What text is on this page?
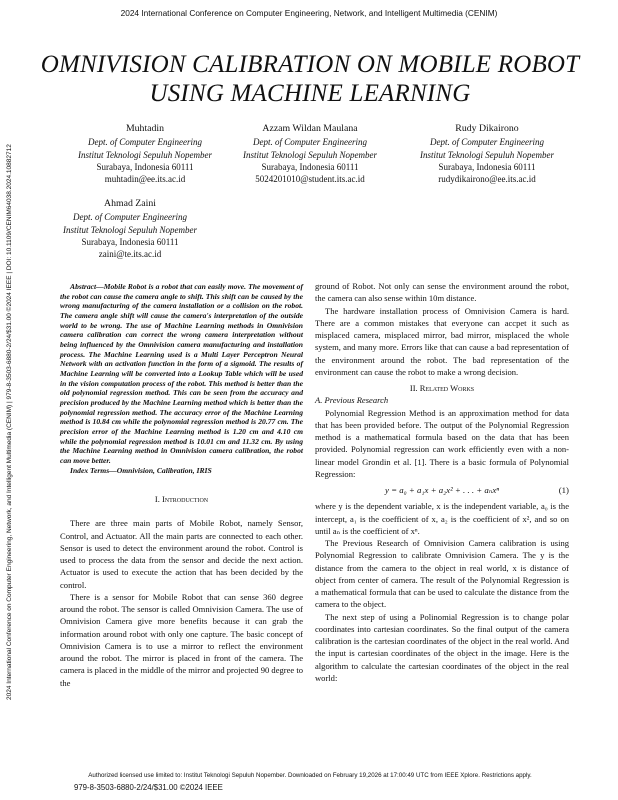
2024 International Conference on Computer Engineering, Network, and Intelligent Multimedia (CENIM)
2024 International Conference on Computer Engineering, Network, and Intelligent Multimedia (CENIM) | 979-8-3503-6880-2/24/$31.00 ©2024 IEEE | DOI: 10.1109/CENIM64038.2024.10882712
OMNIVISION CALIBRATION ON MOBILE ROBOT
USING MACHINE LEARNING
Muhtadin
Dept. of Computer Engineering
Institut Teknologi Sepuluh Nopember
Surabaya, Indonesia 60111
muhtadin@ee.its.ac.id
Azzam Wildan Maulana
Dept. of Computer Engineering
Institut Teknologi Sepuluh Nopember
Surabaya, Indonesia 60111
5024201010@student.its.ac.id
Rudy Dikairono
Dept. of Computer Engineering
Institut Teknologi Sepuluh Nopember
Surabaya, Indonesia 60111
rudydikairono@ee.its.ac.id
Ahmad Zaini
Dept. of Computer Engineering
Institut Teknologi Sepuluh Nopember
Surabaya, Indonesia 60111
zaini@te.its.ac.id

Abstract—Mobile Robot is a robot that can easily move. The movement of the robot can cause the camera angle to shift. This shift can be caused by the wrong manufacturing of the camera installation or a collision on the robot. The camera angle shift will cause the camera's interpretation of the outside world to be wrong. The use of Machine Learning methods in Omnivision camera calibration can correct the wrong camera interpretation without being influenced by the Omnivision camera manufacturing and installation process. The Machine Learning used is a Multi Layer Perceptron Neural Network with an activation function in the form of a sigmoid. The results of Machine Learning will be converted into a Lookup Table which will be used in the vision computation process of the robot. This method is better than the old polynomial regression method. This can be seen from the accuracy and precision produced by the Machine Learning method which is better than the polynomial regression method. The accuracy error of the Machine Learning method is 10.84 cm while the polynomial regression method is 20.77 cm. The precision error of the Machine Learning method is 1.20 cm and 4.10 cm while the polynomial regression method is 10.01 cm and 11.32 cm. By using the Machine Learning method in Omnivision camera calibration, the robot can move better.

Index Terms—Omnivision, Calibration, IRIS

I. Introduction

There are three main parts of Mobile Robot, namely Sensor, Control, and Actuator. All the main parts are connected to each other. Sensor is used to detect the environment around the robot. Control is used to process the data from the sensor and decide the next action. Actuator is used to execute the action that has been decided by the control.

There is a sensor for Mobile Robot that can sense 360 degree around the robot. The sensor is called Omnivision Camera. The use of Omnivision Camera give more benefits because it can grab the information around robot with only one capture. The basic concept of Omnivision Camera is to use a mirror to reflect the environment around the robot. The mirror is placed in front of the camera. The camera is placed in the middle of the mirror and projected 90 degree to the

ground of Robot. Not only can sense the environment around the robot, the camera can also sense within 10m distance.

The hardware installation process of Omnivision Camera is hard. There are a common mistakes that everyone can accpet it such as misplaced camera, misplaced mirror, bad mirror, misplaced the whole system, and many more. Errors like that can cause a bad representation of the environment around the robot. The bad representation of the environment can cause the robot to make a wrong decision.

II. Related Works

A. Previous Research

Polynomial Regression Method is an approximation method for data that has been provided before. The output of the Polynomial Regression method is a mathematical formula based on the data that has been provided. Polynomial regression can work efficiently even with a non-linear model Grondin et al. [1]. There is a basic formula of Polynomial Regression:

y = a₀ + a₁x + a₂x² + . . . + aₙxⁿ	(1)

where y is the dependent variable, x is the independent variable, a₀ is the intercept, a₁ is the coefficient of x, a₂ is the coefficient of x², and so on until aₙ is the coefficient of xⁿ.

The Previous Research of Omnivision Camera calibration is using Polynomial Regression to calibrate Omnivision Camera. The y is the distance from the camera to the object in real world, x is distance of object from center of camera. The result of the Polynomial Regression is a mathematical formula that can be used to calculate the distance from the camera to the object.

The next step of using a Polinomial Regression is to change polar coordinates into cartesian coordinates. So the final output of the camera calibration is the cartesian coordinates of the object in the real world. And the input is cartesian coordinates of the object in the image. Here is the algorithm to calculate the cartesian coordinates of the object in the real world:

Authorized licensed use limited to: Institut Teknologi Sepuluh Nopember. Downloaded on February 19,2026 at 17:00:49 UTC from IEEE Xplore. Restrictions apply.
979-8-3503-6880-2/24/$31.00 ©2024 IEEE
